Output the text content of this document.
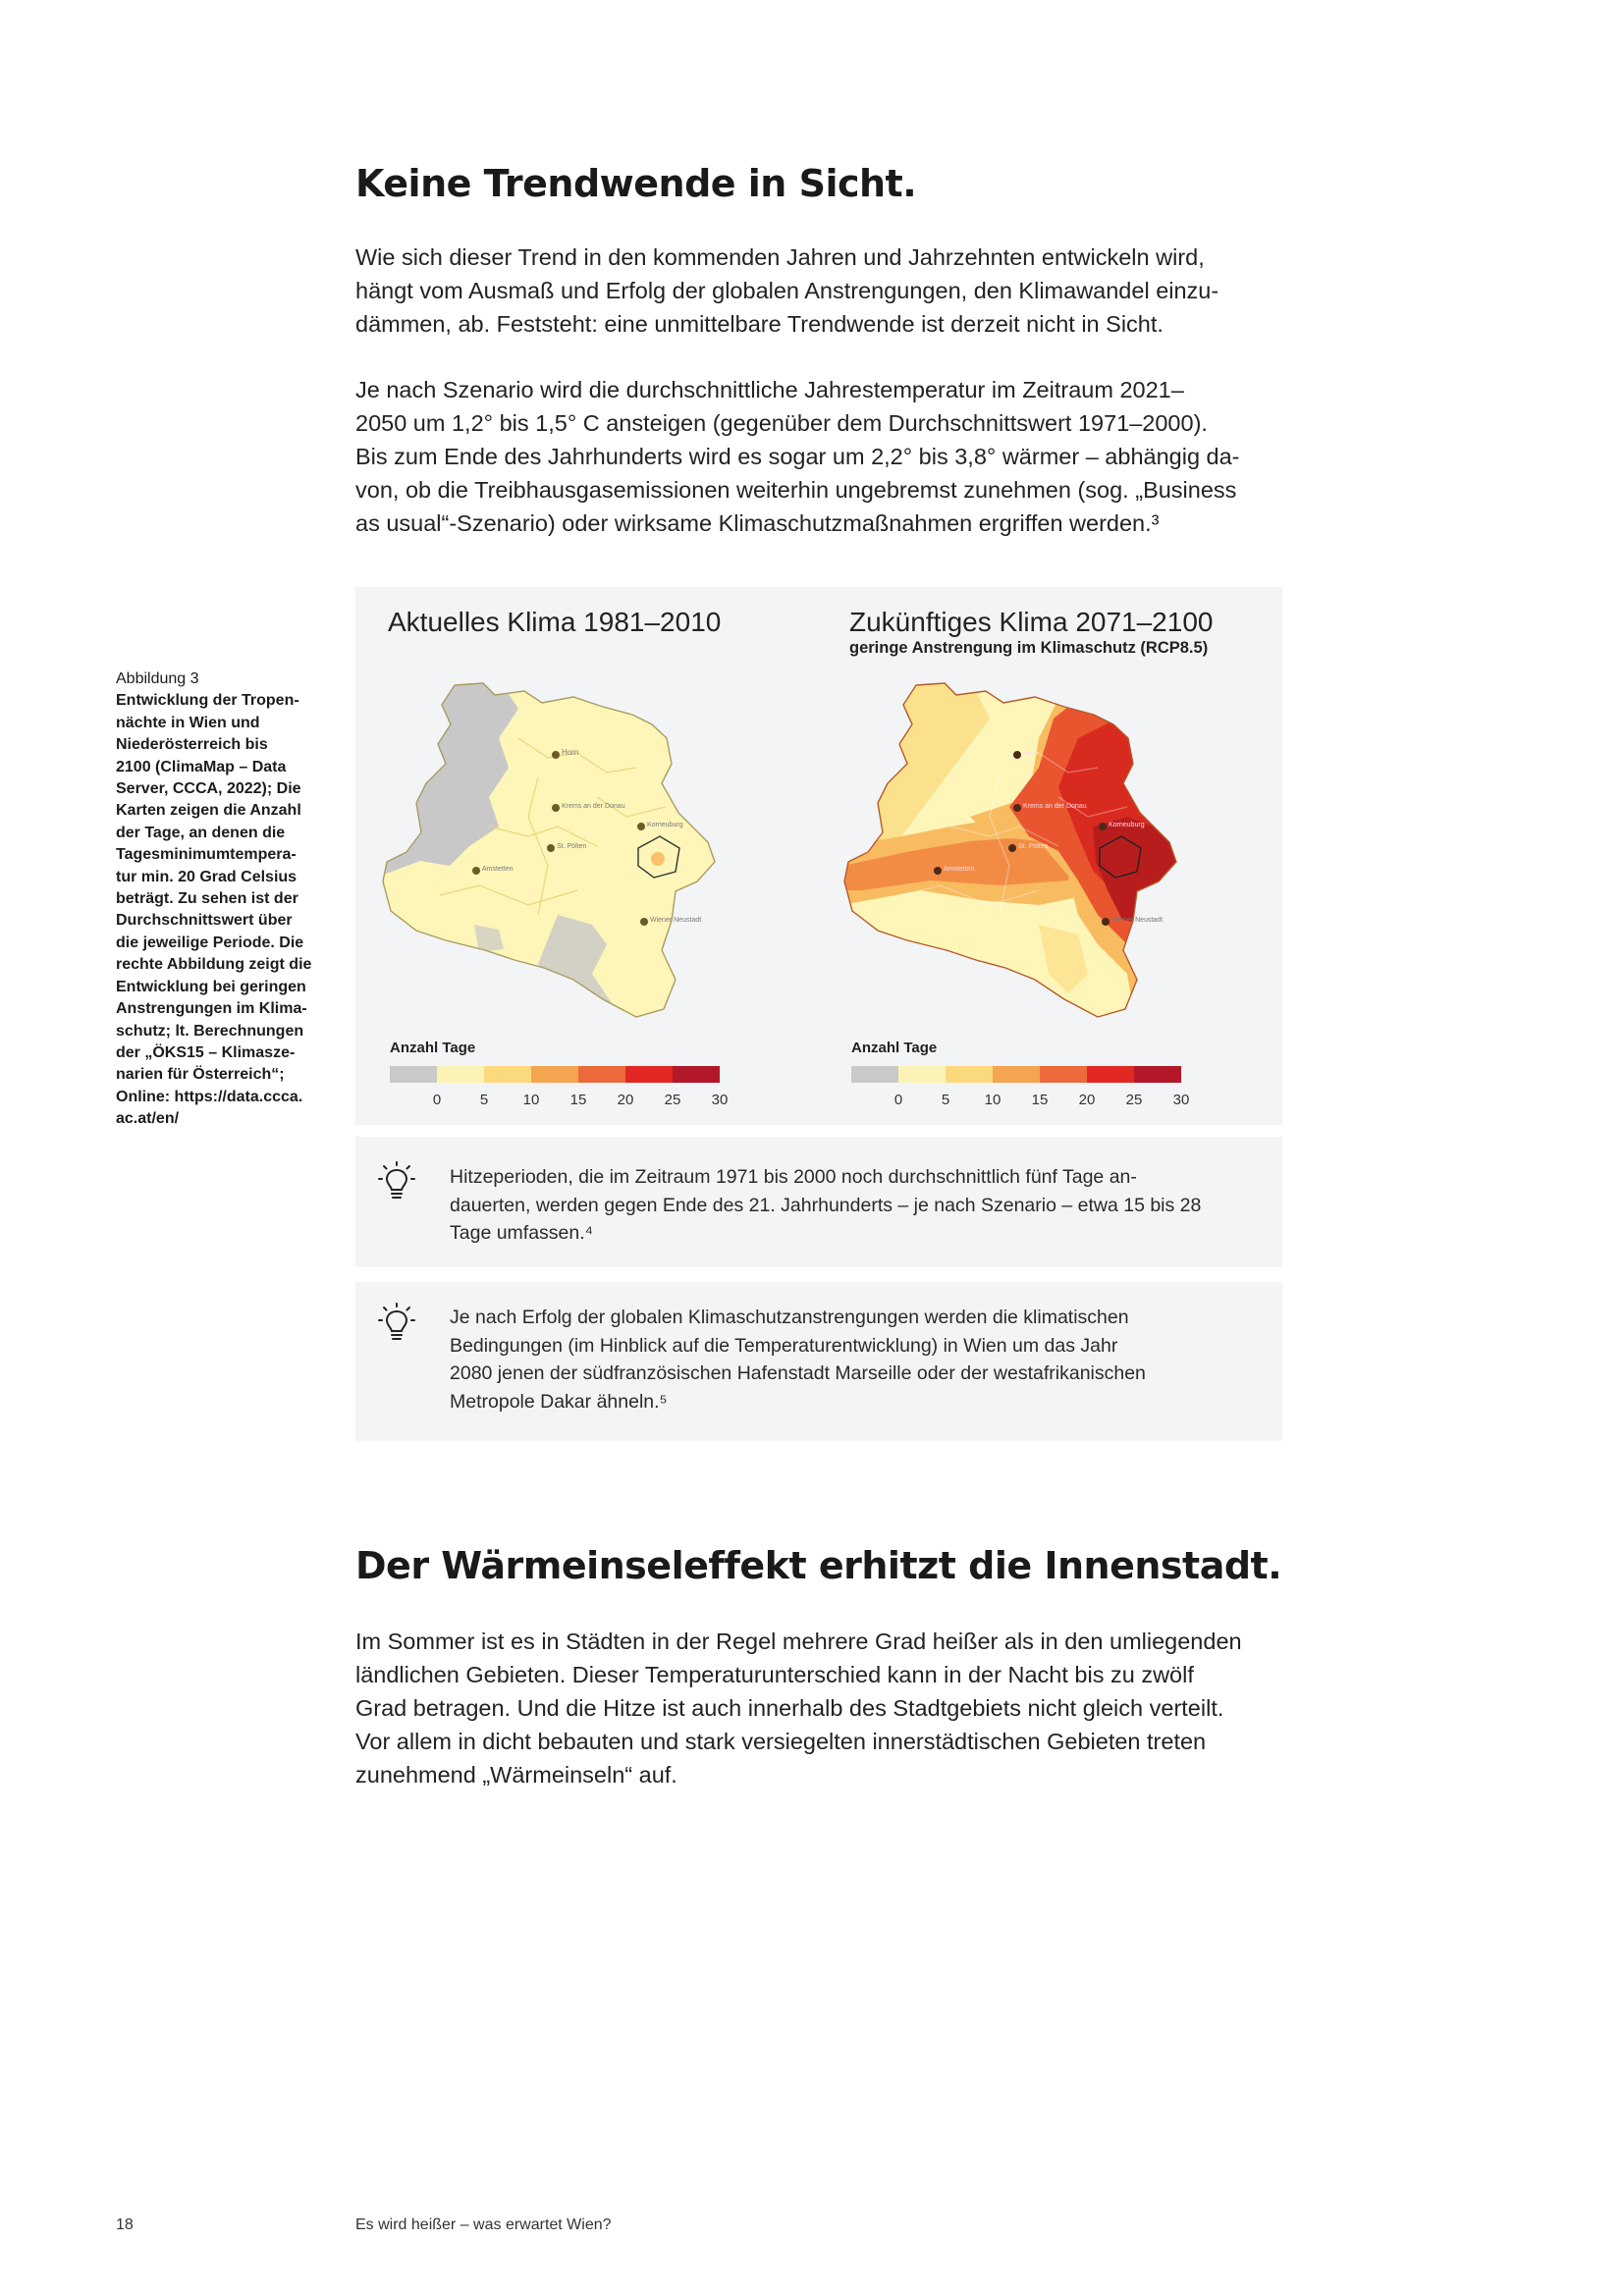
Keine Trendwende in Sicht.

Wie sich dieser Trend in den kommenden Jahren und Jahrzehnten entwickeln wird,
hängt vom Ausmaß und Erfolg der globalen Anstrengungen, den Klimawandel einzu-
dämmen, ab. Feststeht: eine unmittelbare Trendwende ist derzeit nicht in Sicht.

Je nach Szenario wird die durchschnittliche Jahrestemperatur im Zeitraum 2021–
2050 um 1,2° bis 1,5° C ansteigen (gegenüber dem Durchschnittswert 1971–2000).
Bis zum Ende des Jahrhunderts wird es sogar um 2,2° bis 3,8° wärmer – abhängig da-
von, ob die Treibhausgasemissionen weiterhin ungebremst zunehmen (sog. „Business
as usual“-Szenario) oder wirksame Klimaschutzmaßnahmen ergriffen werden.³

Abbildung 3
Entwicklung der Tropen-
nächte in Wien und
Niederösterreich bis
2100 (ClimaMap – Data
Server, CCCA, 2022); Die
Karten zeigen die Anzahl
der Tage, an denen die
Tagesminimumtempera-
tur min. 20 Grad Celsius
beträgt. Zu sehen ist der
Durchschnittswert über
die jeweilige Periode. Die
rechte Abbildung zeigt die
Entwicklung bei geringen
Anstrengungen im Klima-
schutz; lt. Berechnungen
der „ÖKS15 – Klimasze-
narien für Österreich“;
Online: https://data.ccca.
ac.at/en/
Aktuelles Klima 1981–2010
Horn
Krems an der Donau
Korneuburg
St. Pölten
Amstetten
Wiener Neustadt
Zukünftiges Klima 2071–2100
geringe Anstrengung im Klimaschutz (RCP8.5)
Horn
Krems an der Donau
Korneuburg
St. Pölten
Amstetten
Wiener Neustadt
Anzahl Tage
0	5 10 15 20 25 30
Anzahl Tage
0	5 10 15 20 25 30
Hitzeperioden, die im Zeitraum 1971 bis 2000 noch durchschnittlich fünf Tage an-
dauerten, werden gegen Ende des 21. Jahrhunderts – je nach Szenario – etwa 15 bis 28
Tage umfassen.⁴
Je nach Erfolg der globalen Klimaschutzanstrengungen werden die klimatischen
Bedingungen (im Hinblick auf die Temperaturentwicklung) in Wien um das Jahr
2080 jenen der südfranzösischen Hafenstadt Marseille oder der westafrikanischen
Metropole Dakar ähneln.⁵
Der Wärmeinseleffekt erhitzt die Innenstadt.

Im Sommer ist es in Städten in der Regel mehrere Grad heißer als in den umliegenden
ländlichen Gebieten. Dieser Temperaturunterschied kann in der Nacht bis zu zwölf
Grad betragen. Und die Hitze ist auch innerhalb des Stadtgebiets nicht gleich verteilt.
Vor allem in dicht bebauten und stark versiegelten innerstädtischen Gebieten treten
zunehmend „Wärmeinseln“ auf.

18	Es wird heißer – was erwartet Wien?
